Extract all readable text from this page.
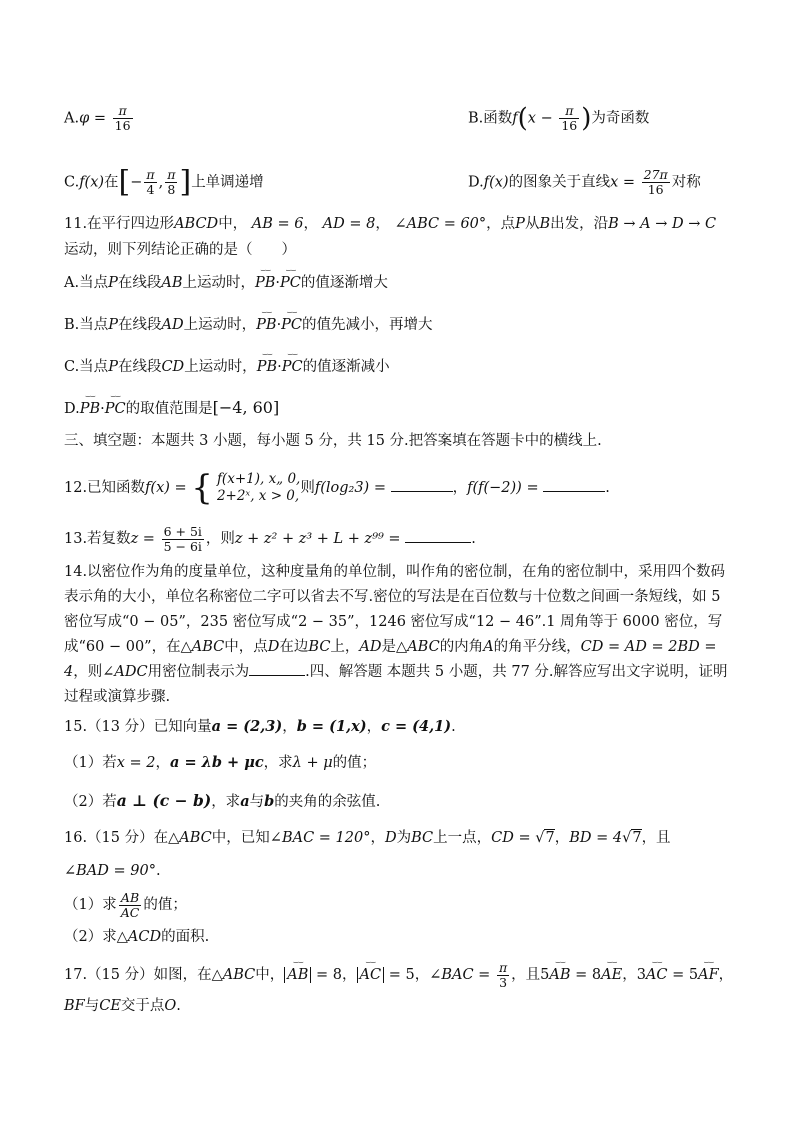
$A.\varphi = \frac{\pi}{16}$	B.函数$f(x - \frac{\pi}{16}$ )为奇函数
C.f(x)在[− $\frac{\pi}{4}$ , $\frac{\pi}{8}$ ]上单调递增	D.f(x)的图象关于直线$x = \frac{27\pi}{16}$ 对称
11.在平行四边形ABCD中， AB = 6， AD = 8， ∠ABC = 60°，点P从B出发，沿B → A → D → C
运动，则下列结论正确的是（　　）
A.当点P在线段AB上运动时，⌣⌣ PB·⌣⌣ PC的值逐渐增大
B.当点P在线段AD上运动时，⌣⌣ PB·⌣⌣ PC的值先减小，再增大
C.当点P在线段CD上运动时，⌣⌣ PB·⌣⌣ PC的值逐渐减小
D.⌣⌣ PB·⌣⌣ PC的取值范围是[−4, 60]
三、填空题：本题共 3 小题，每小题 5 分，共 15 分.把答案填在答题卡中的横线上.
12.已知函数f(x) = { f(x+1), x„ 0,
2+2ˣ, x > 0, 则f(log₂3) =	，f(f(−2)) =	.
13.若复数$z = \frac{6 + 5i}{5 - 6i}$ ，则z + z² + z³ + L + z⁹⁹ =	.
14.以密位作为角的度量单位，这种度量角的单位制，叫作角的密位制，在角的密位制中，采用四个数码表示角的大小，单位名称密位二字可以省去不写.密位的写法是在百位数与十位数之间画一条短线，如 5 密位写成“0 − 05”，235 密位写成“2 − 35”，1246 密位写成“12 − 46”.1 周角等于 6000 密位，写成“60 − 00”，在△ABC中，点D在边BC上，AD是△ABC的内角A的角平分线，CD = AD = 2BD = 4，则∠ADC用密位制表示为	.四、解答题 本题共 5 小题，共 77 分.解答应写出文字说明，证明过程或演算步骤.
15.（13 分）已知向量a = (2,3)，b = (1,x)，c = (4,1).
（1）若x = 2，a = λb + μc，求λ + μ的值；
（2）若a ⊥ (c − b)，求a与b的夹角的余弦值.
16.（15 分）在△ABC中，已知∠BAC = 120°，D为BC上一点，CD = √7，BD = 4√7，且
∠BAD = 90°.
（1）求 $\frac{AB}{AC}$ 的值；
（2）求△ACD的面积.
17.（15 分）如图，在△ABC中， ⌣⌣ AB = 8， ⌣⌣ AC = 5，∠BAC = $\frac{\pi}{3}$ ，且5⌣⌣ AB = 8⌣⌣ AE，3⌣⌣ AC = 5⌣⌣ AF，
BF与CE交于点O.
